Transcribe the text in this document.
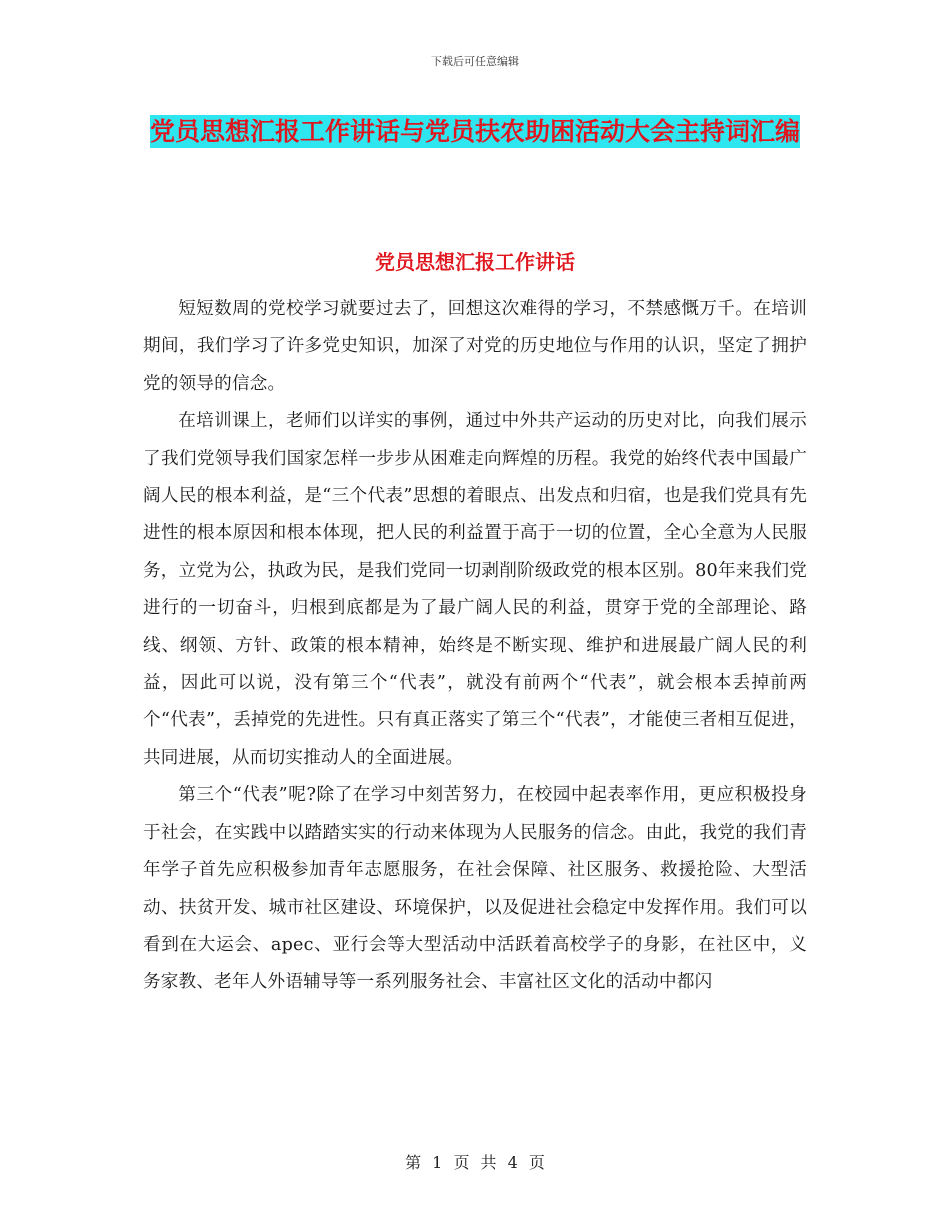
下载后可任意编辑
党员思想汇报工作讲话与党员扶农助困活动大会主持词汇编
党员思想汇报工作讲话

短短数周的党校学习就要过去了，回想这次难得的学习，不禁感慨万千。在培训期间，我们学习了许多党史知识，加深了对党的历史地位与作用的认识，坚定了拥护党的领导的信念。

在培训课上，老师们以详实的事例，通过中外共产运动的历史对比，向我们展示了我们党领导我们国家怎样一步步从困难走向辉煌的历程。我党的始终代表中国最广阔人民的根本利益，是“三个代表”思想的着眼点、出发点和归宿，也是我们党具有先进性的根本原因和根本体现，把人民的利益置于高于一切的位置，全心全意为人民服务，立党为公，执政为民，是我们党同一切剥削阶级政党的根本区别。80年来我们党进行的一切奋斗，归根到底都是为了最广阔人民的利益，贯穿于党的全部理论、路线、纲领、方针、政策的根本精神，始终是不断实现、维护和进展最广阔人民的利益，因此可以说，没有第三个“代表”，就没有前两个“代表”，就会根本丢掉前两个“代表”，丢掉党的先进性。只有真正落实了第三个“代表”，才能使三者相互促进，共同进展，从而切实推动人的全面进展。

第三个“代表”呢?除了在学习中刻苦努力，在校园中起表率作用，更应积极投身于社会，在实践中以踏踏实实的行动来体现为人民服务的信念。由此，我党的我们青年学子首先应积极参加青年志愿服务，在社会保障、社区服务、救援抢险、大型活动、扶贫开发、城市社区建设、环境保护，以及促进社会稳定中发挥作用。我们可以看到在大运会、apec、亚行会等大型活动中活跃着高校学子的身影，在社区中，义务家教、老年人外语辅导等一系列服务社会、丰富社区文化的活动中都闪

第 1 页 共 4 页
